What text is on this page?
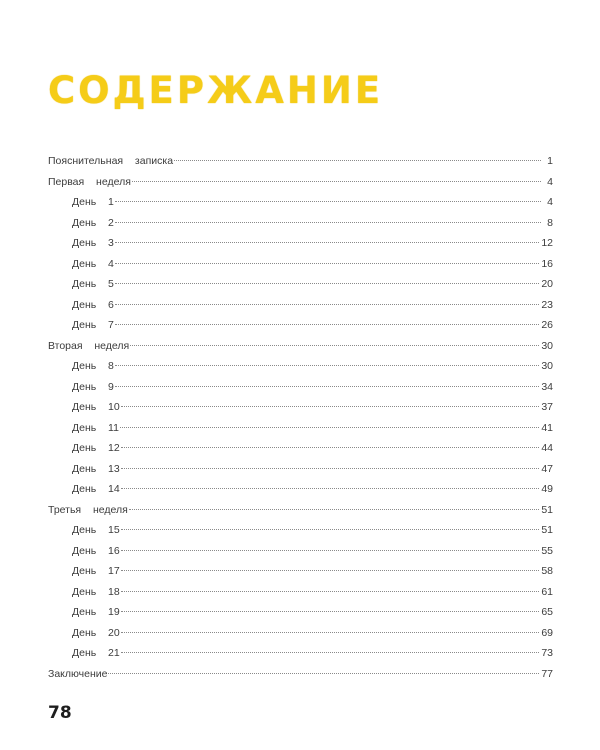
СОДЕРЖАНИЕ
Пояснительная  записка	1
Первая  неделя	4
День  1	4
День  2	8
День  3	12
День  4	16
День  5	20
День  6	23
День  7	26
Вторая  неделя	30
День  8	30
День  9	34
День  10	37
День  11	41
День  12	44
День  13	47
День  14	49
Третья  неделя	51
День  15	51
День  16	55
День  17	58
День  18	61
День  19	65
День  20	69
День  21	73
Заключение	77
78
